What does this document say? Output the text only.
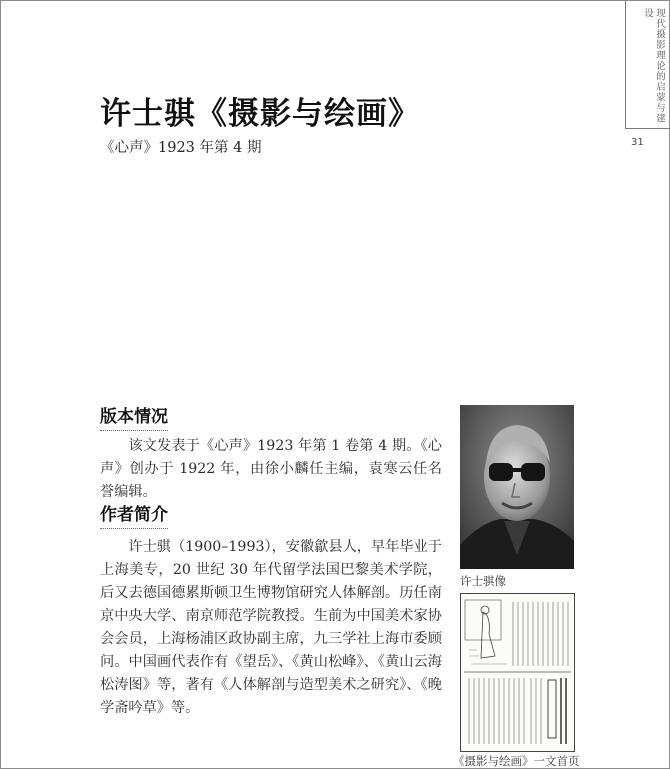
现代摄影理论的启蒙与建设
31
许士骐《摄影与绘画》
《心声》1923 年第 4 期
版本情况
该文发表于《心声》1923 年第 1 卷第 4 期。《心声》创办于 1922 年，由徐小麟任主编，袁寒云任名誉编辑。
作者简介
许士骐（1900–1993），安徽歙县人，早年毕业于上海美专，20 世纪 30 年代留学法国巴黎美术学院，后又去德国德累斯顿卫生博物馆研究人体解剖。历任南京中央大学、南京师范学院教授。生前为中国美术家协会会员，上海杨浦区政协副主席，九三学社上海市委顾问。中国画代表作有《望岳》、《黄山松峰》、《黄山云海松涛图》等，著有《人体解剖与造型美术之研究》、《晚学斋吟草》等。
许士骐像
《摄影与绘画》一文首页
